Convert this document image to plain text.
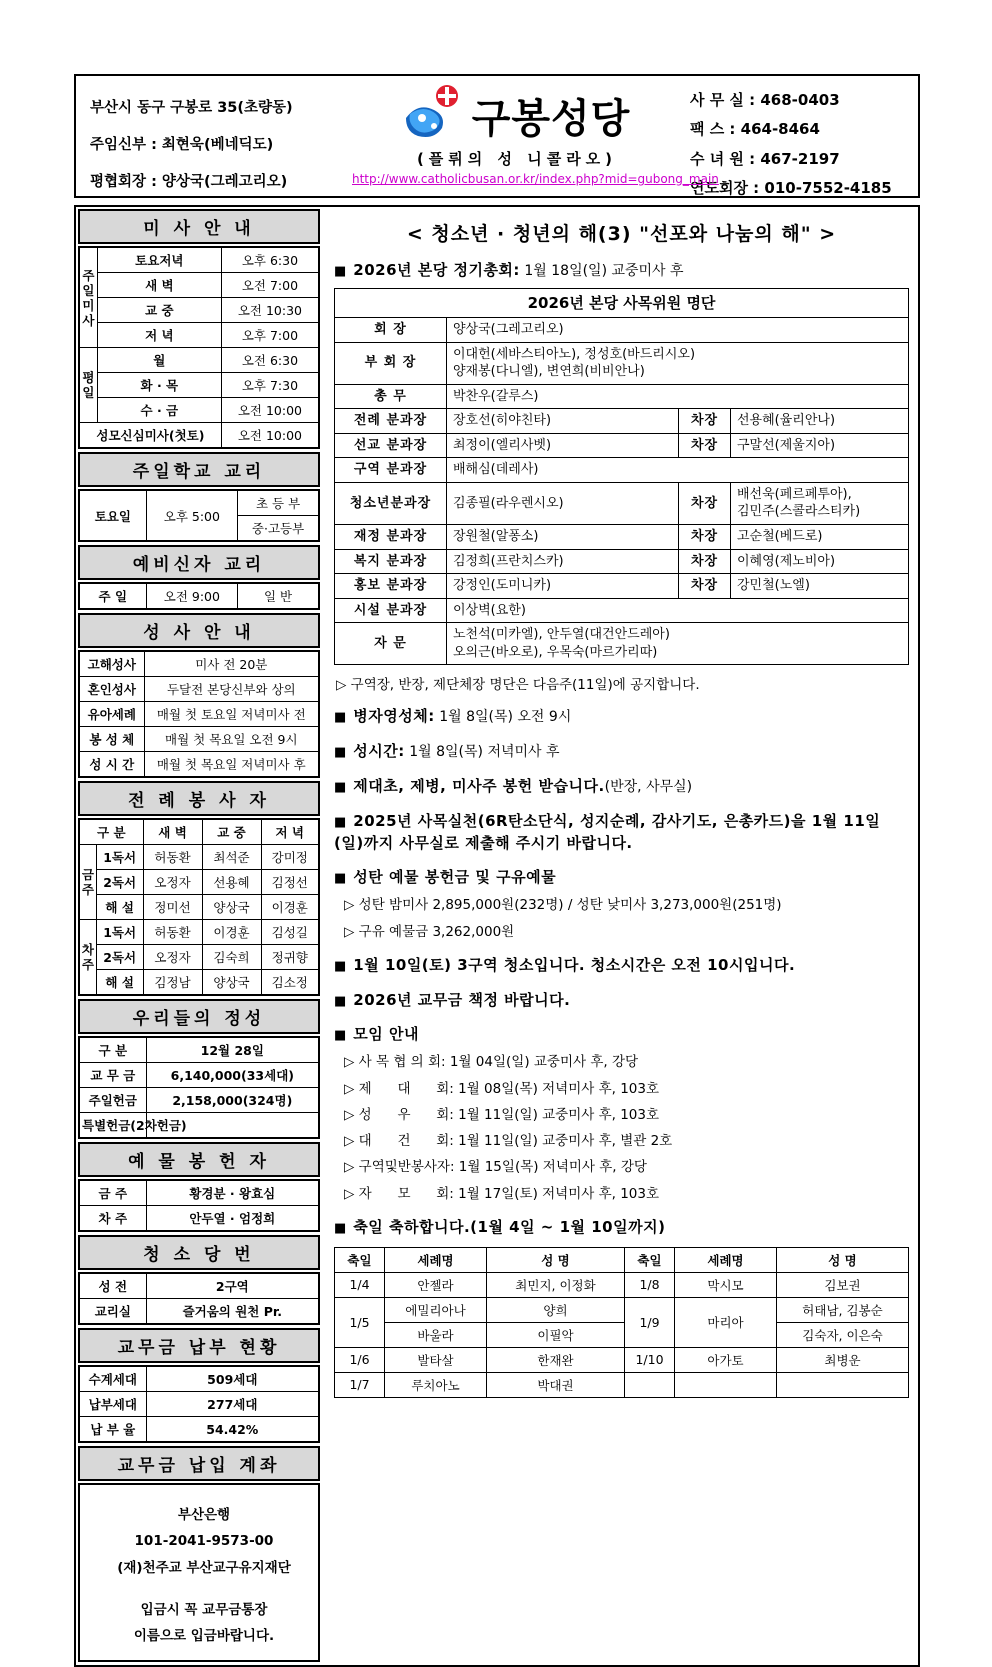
부산시 동구 구봉로 35(초량동)
주임신부 : 최현욱(베네딕도)
평협회장 : 양상국(그레고리오)
구봉성당
(플뤼의 성 니콜라오)
http://www.catholicbusan.or.kr/index.php?mid=gubong_main
사 무 실 : 468-0403
팩 스 : 464-8464
수 녀 원 : 467-2197
연도회장 : 010-7552-4185
미 사 안 내
주일미사	토요저녁	오후 6:30
	새 벽	오전 7:00
	교 중	오전 10:30
	저 녁	오후 7:00
평일	월	오전 6:30
	화 · 목	오후 7:30
	수 · 금	오전 10:00
성모신심미사(첫토)		오전 10:00
주일학교 교리
토요일	오후 5:00	초 등 부
중·고등부
예비신자 교리
주 일	오전 9:00	일 반
성 사 안 내
고해성사	미사 전 20분
혼인성사	두달전 본당신부와 상의
유아세례	매월 첫 토요일 저녁미사 전
봉 성 체	매월 첫 목요일 오전 9시
성 시 간	매월 첫 목요일 저녁미사 후
전 례 봉 사 자
구 분		새 벽	교 중	저 녁
금주	1독서	허동환	최석준	강미정
	2독서	오정자	선용혜	김정선
	해 설	정미선	양상국	이경훈
차주	1독서	허동환	이경훈	김성길
	2독서	오정자	김숙희	정귀향
	해 설	김정남	양상국	김소정
우리들의 정성
구 분	12월 28일
교 무 금	6,140,000(33세대)
주일헌금	2,158,000(324명)
특별헌금(2차헌금)	
예 물 봉 헌 자
금 주	황경분 · 왕효심
차 주	안두열 · 엄정희
청 소 당 번
성 전	2구역
교리실	즐거움의 원천 Pr.
교무금 납부 현황
수계세대	509세대
납부세대	277세대
납 부 율	54.42%
교무금 납입 계좌
부산은행
101-2041-9573-00
(재)천주교 부산교구유지재단
입금시 꼭 교무금통장
이름으로 입금바랍니다.
< 청소년 · 청년의 해(3) "선포와 나눔의 해" >
■ 2026년 본당 정기총회: 1월 18일(일) 교중미사 후
2026년 본당 사목위원 명단			
회 장	양상국(그레고리오)		
부 회 장	이대헌(세바스티아노), 정성호(바드리시오)
양재봉(다니엘), 변연희(비비안나)		
총 무	박찬우(갈루스)		
전례 분과장	장호선(히야친타)	차장	선용혜(율리안나)
선교 분과장	최정이(엘리사벳)	차장	구말선(제울지아)
구역 분과장	배해심(데레사)		
청소년분과장	김종필(라우렌시오)	차장	배선욱(페르페투아),
김민주(스콜라스티카)
재정 분과장	장원철(알퐁소)	차장	고순철(베드로)
복지 분과장	김정희(프란치스카)	차장	이혜영(제노비아)
홍보 분과장	강정인(도미니카)	차장	강민철(노엘)
시설 분과장	이상벽(요한)		
자 문	노천석(미카엘), 안두열(대건안드레아)
오의근(바오로), 우목숙(마르가리따)		
▷ 구역장, 반장, 제단체장 명단은 다음주(11일)에 공지합니다.
■ 병자영성체: 1월 8일(목) 오전 9시
■ 성시간: 1월 8일(목) 저녁미사 후
■ 제대초, 제병, 미사주 봉헌 받습니다.(반장, 사무실)
■ 2025년 사목실천(6R탄소단식, 성지순례, 감사기도, 은총카드)을 1월 11일(일)까지 사무실로 제출해 주시기 바랍니다.
■ 성탄 예물 봉헌금 및 구유예물
▷ 성탄 밤미사 2,895,000원(232명) / 성탄 낮미사 3,273,000원(251명)
▷ 구유 예물금 3,262,000원
■ 1월 10일(토) 3구역 청소입니다. 청소시간은 오전 10시입니다.
■ 2026년 교무금 책정 바랍니다.
■ 모임 안내
▷ 사 목 협 의 회: 1월 04일(일) 교중미사 후, 강당
▷ 제      대      회: 1월 08일(목) 저녁미사 후, 103호
▷ 성      우      회: 1월 11일(일) 교중미사 후, 103호
▷ 대      건      회: 1월 11일(일) 교중미사 후, 별관 2호
▷ 구역및반봉사자: 1월 15일(목) 저녁미사 후, 강당
▷ 자      모      회: 1월 17일(토) 저녁미사 후, 103호
■ 축일 축하합니다.(1월 4일 ~ 1월 10일까지)
축일	세례명	성 명	축일	세례명	성 명
1/4	안젤라	최민지, 이정화	1/8	막시모	김보권
1/5	에밀리아나	양희	1/9	마리아	허태남, 김봉순
	바울라	이필악			김숙자, 이은숙
1/6	발타살	한재완	1/10	아가토	최병운
1/7	루치아노	박대권			
